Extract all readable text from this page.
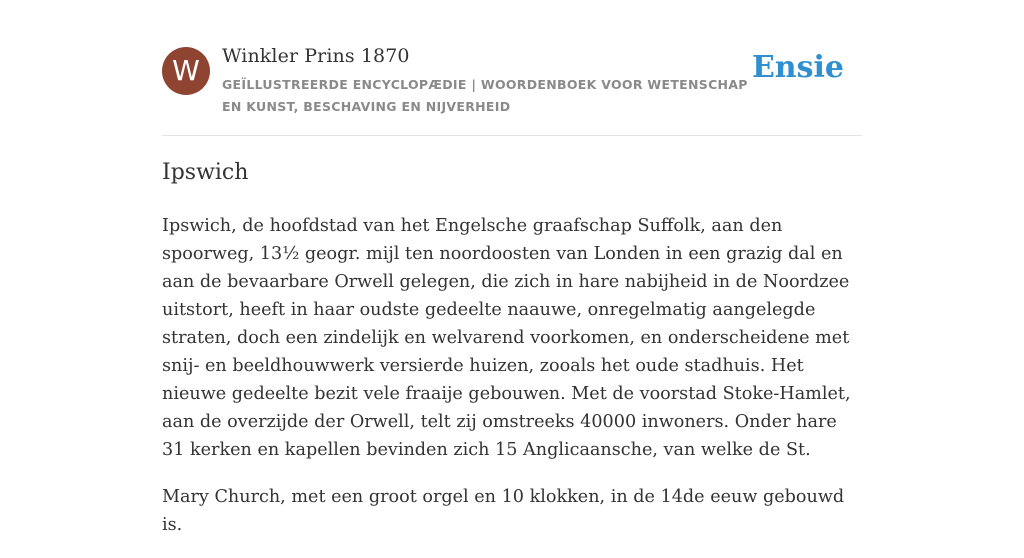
W	Winkler Prins 1870
GEÏLLUSTREERDE ENCYCLOPÆDIE | WOORDENBOEK VOOR WETENSCHAP EN KUNST, BESCHAVING EN NIJVERHEID
Ensie
Ipswich

Ipswich, de hoofdstad van het Engelsche graafschap Suffolk, aan den spoorweg, 13½ geogr. mijl ten noordoosten van Londen in een grazig dal en aan de bevaarbare Orwell gelegen, die zich in hare nabijheid in de Noordzee uitstort, heeft in haar oudste gedeelte naauwe, onregelmatig aangelegde straten, doch een zindelijk en welvarend voorkomen, en onderscheidene met snij- en beeldhouwwerk versierde huizen, zooals het oude stadhuis. Het nieuwe gedeelte bezit vele fraaije gebouwen. Met de voorstad Stoke-Hamlet, aan de overzijde der Orwell, telt zij omstreeks 40000 inwoners. Onder hare 31 kerken en kapellen bevinden zich 15 Anglicaansche, van welke de St.

Mary Church, met een groot orgel en 10 klokken, in de 14de eeuw gebouwd is.
